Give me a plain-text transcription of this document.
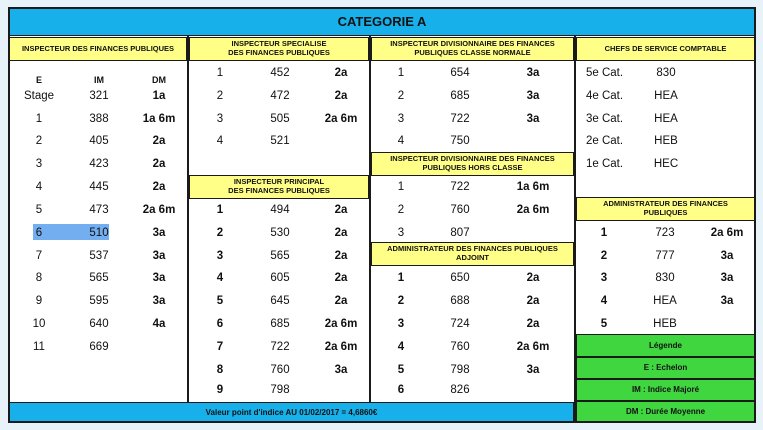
CATEGORIE A
INSPECTEUR DES FINANCES PUBLIQUES	INSPECTEUR SPECIALISE
DES FINANCES PUBLIQUES
INSPECTEUR DIVISIONNAIRE DES FINANCES
PUBLIQUES CLASSE NORMALE	CHEFS DE SERVICE COMPTABLE
INSPECTEUR PRINCIPAL
DES FINANCES PUBLIQUES
INSPECTEUR DIVISIONNAIRE DES FINANCES
PUBLIQUES HORS CLASSE
ADMINISTRATEUR DES FINANCES PUBLIQUES
ADJOINT
ADMINISTRATEUR DES FINANCES
PUBLIQUES
E	IM	DM
Stage	321	1a
1	388	1a 6m
2	405	2a
3	423	2a
4	445	2a
5	473	2a 6m
6	510	3a
7	537	3a
8	565	3a
9	595	3a
10	640	4a
11	669
1	452	2a
2	472	2a
3	505	2a 6m
4	521
1	494	2a
2	530	2a
3	565	2a
4	605	2a
5	645	2a
6	685	2a 6m
7	722	2a 6m
8	760	3a
9	798
1	654	3a
2	685	3a
3	722	3a
4	750
1	722	1a 6m
2	760	2a 6m
3	807
1	650	2a
2	688	2a
3	724	2a
4	760	2a 6m
5	798	3a
6	826
5e Cat.	830
4e Cat.	HEA
3e Cat.	HEA
2e Cat.	HEB
1e Cat.	HEC
1	723	2a 6m
2	777	3a
3	830	3a
4	HEA	3a
5	HEB
Légende
E : Echelon
IM : Indice Majoré
DM : Durée Moyenne
Valeur point d'indice AU 01/02/2017 = 4,6860€
